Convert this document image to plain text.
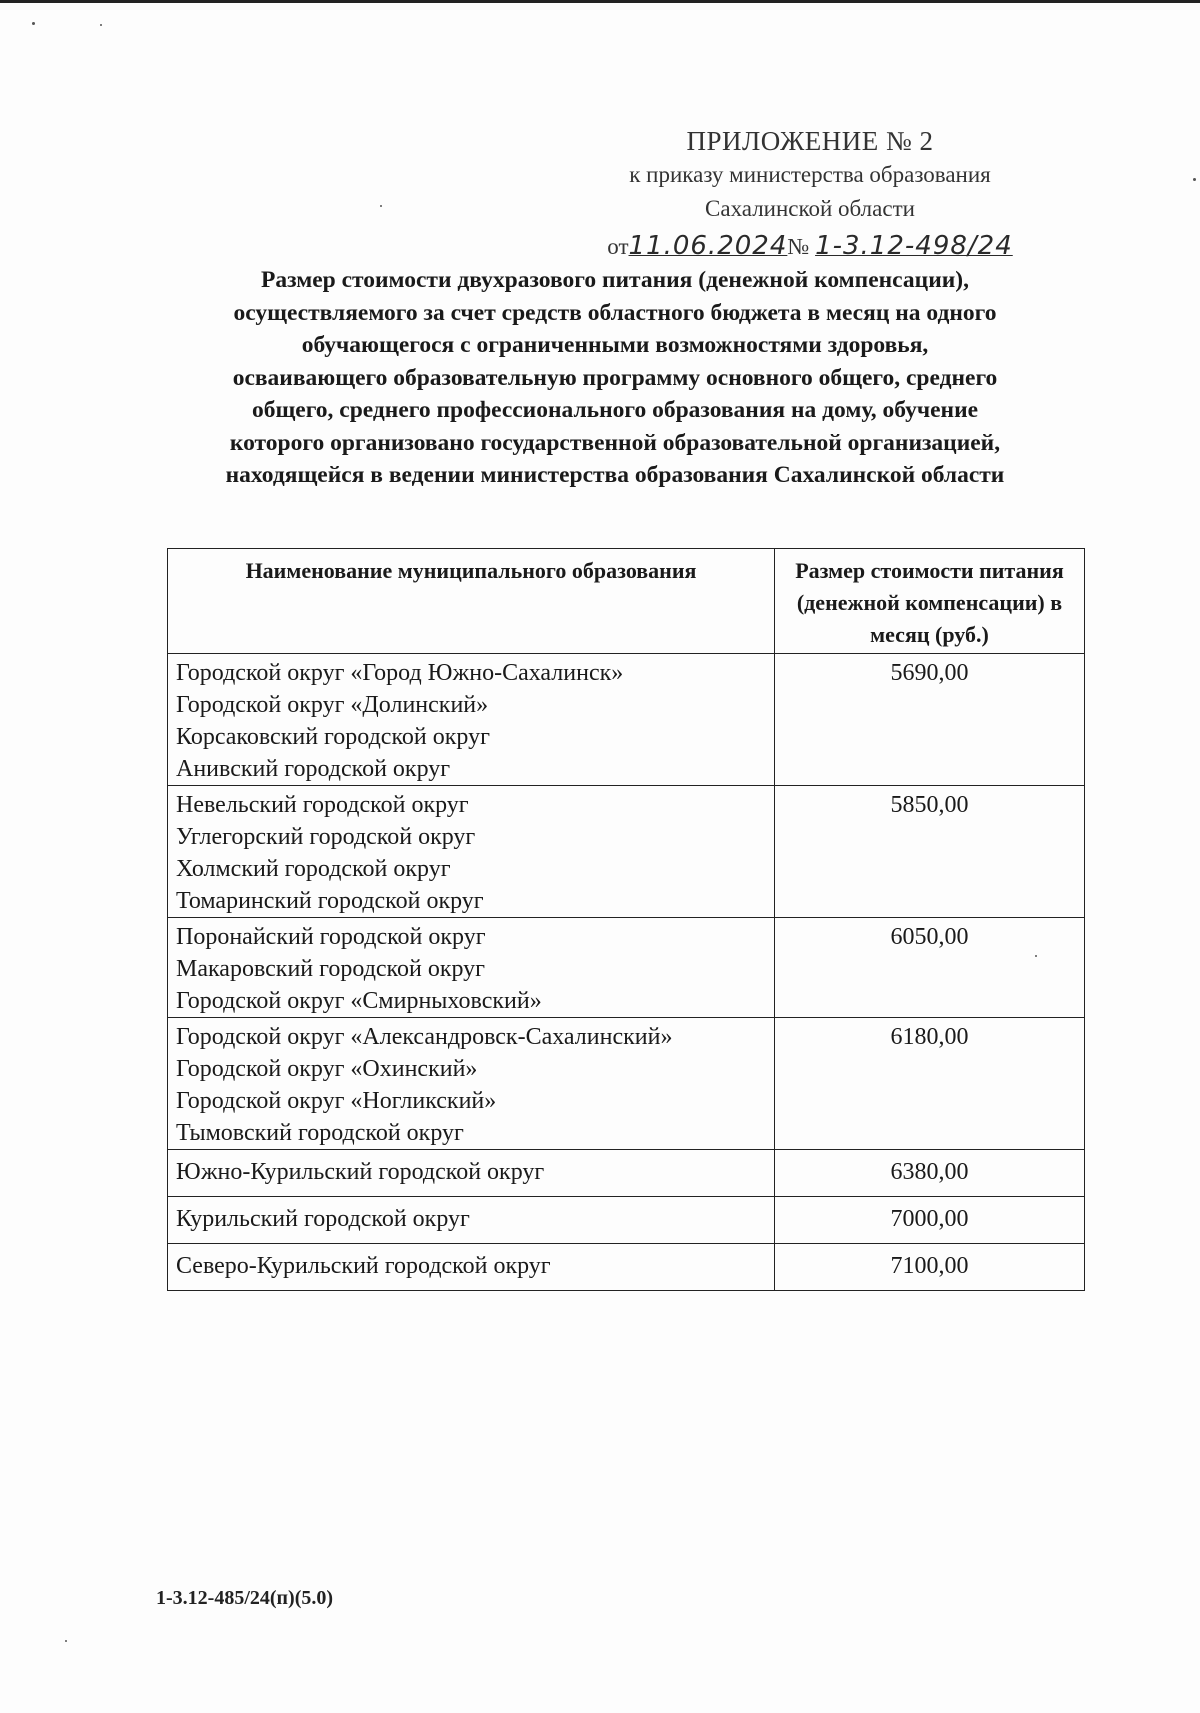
ПРИЛОЖЕНИЕ № 2
к приказу министерства образования
Сахалинской области
от11.06.2024№ 1-3.12-498/24
Размер стоимости двухразового питания (денежной компенсации),
осуществляемого за счет средств областного бюджета в месяц на одного
обучающегося с ограниченными возможностями здоровья,
осваивающего образовательную программу основного общего, среднего
общего, среднего профессионального образования на дому, обучение
которого организовано государственной образовательной организацией,
находящейся в ведении министерства образования Сахалинской области
Наименование муниципального образования	Размер стоимости питания (денежной компенсации) в месяц (руб.)

Городской округ «Город Южно-Сахалинск»
Городской округ «Долинский»
Корсаковский городской округ
Анивский городской округ	5690,00

Невельский городской округ
Углегорский городской округ
Холмский городской округ
Томаринский городской округ	5850,00

Поронайский городской округ
Макаровский городской округ
Городской округ «Смирныховский»	6050,00

Городской округ «Александровск-Сахалинский»
Городской округ «Охинский»
Городской округ «Ногликский»
Тымовский городской округ	6180,00

Южно-Курильский городской округ	6380,00

Курильский городской округ	7000,00

Северо-Курильский городской округ	7100,00
1-3.12-485/24(п)(5.0)
